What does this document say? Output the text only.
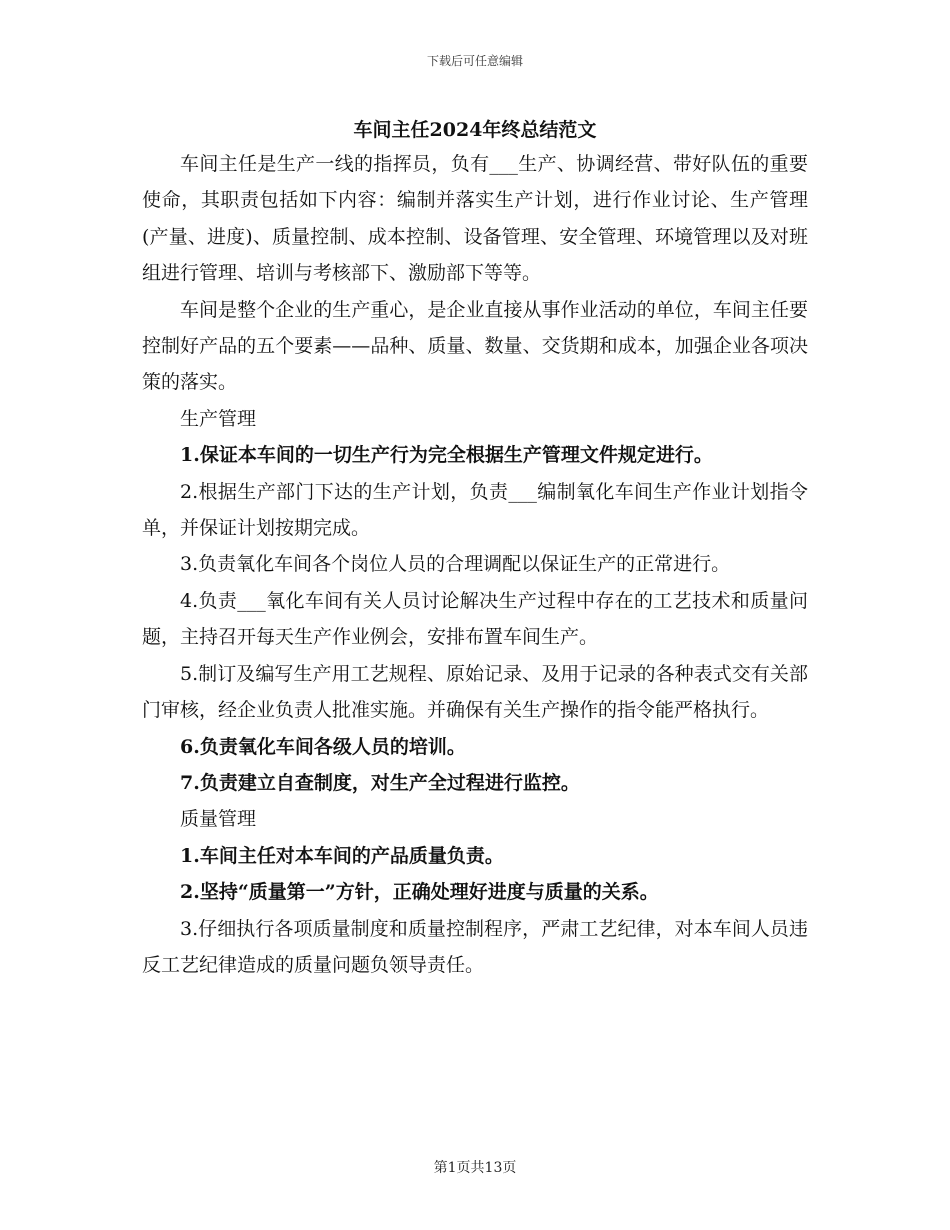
下载后可任意编辑
车间主任2024年终总结范文

车间主任是生产一线的指挥员，负有___生产、协调经营、带好队伍的重要使命，其职责包括如下内容：编制并落实生产计划，进行作业讨论、生产管理(产量、进度)、质量控制、成本控制、设备管理、安全管理、环境管理以及对班组进行管理、培训与考核部下、激励部下等等。

车间是整个企业的生产重心，是企业直接从事作业活动的单位，车间主任要控制好产品的五个要素——品种、质量、数量、交货期和成本，加强企业各项决策的落实。

生产管理

1.保证本车间的一切生产行为完全根据生产管理文件规定进行。

2.根据生产部门下达的生产计划，负责___编制氧化车间生产作业计划指令单，并保证计划按期完成。

3.负责氧化车间各个岗位人员的合理调配以保证生产的正常进行。

4.负责___氧化车间有关人员讨论解决生产过程中存在的工艺技术和质量问题，主持召开每天生产作业例会，安排布置车间生产。

5.制订及编写生产用工艺规程、原始记录、及用于记录的各种表式交有关部门审核，经企业负责人批准实施。并确保有关生产操作的指令能严格执行。

6.负责氧化车间各级人员的培训。

7.负责建立自查制度，对生产全过程进行监控。

质量管理

1.车间主任对本车间的产品质量负责。

2.坚持“质量第一”方针，正确处理好进度与质量的关系。

3.仔细执行各项质量制度和质量控制程序，严肃工艺纪律，对本车间人员违反工艺纪律造成的质量问题负领导责任。

第1页共13页
